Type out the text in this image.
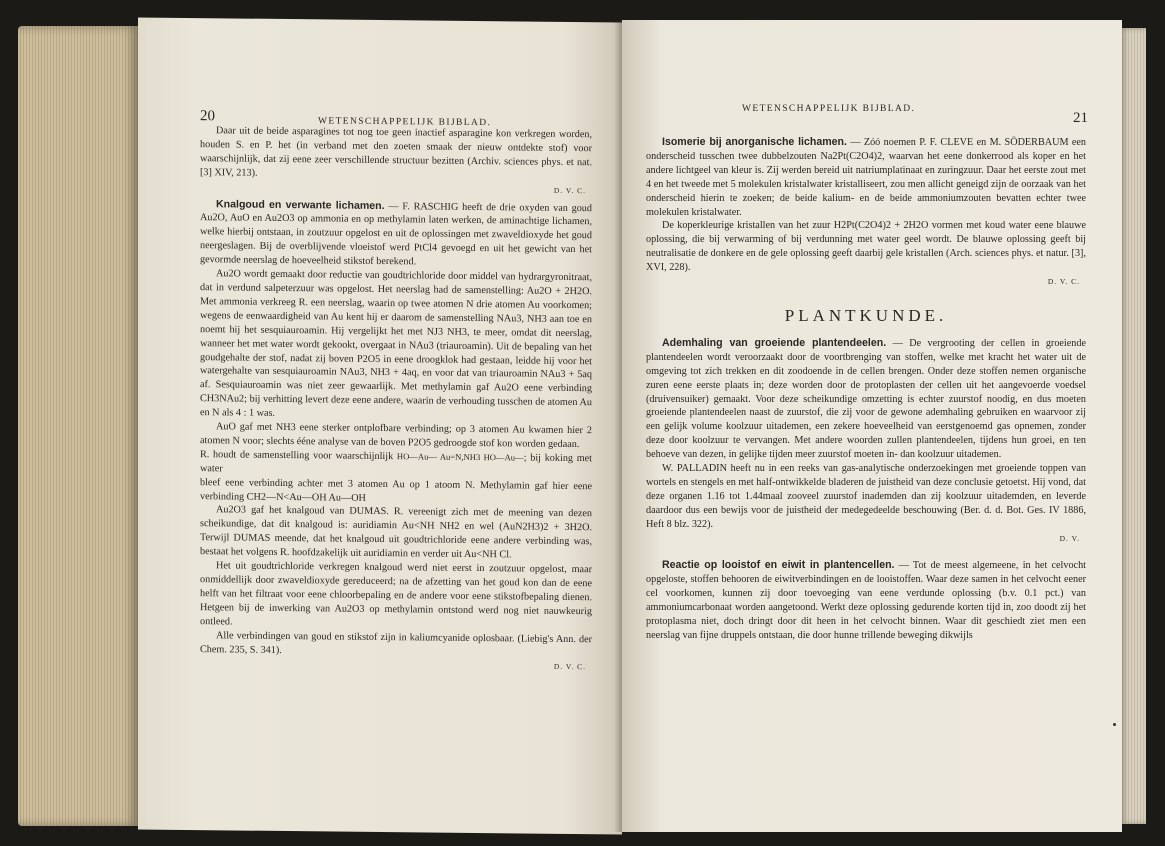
20	WETENSCHAPPELIJK BIJBLAD.

Daar uit de beide asparagines tot nog toe geen inactief asparagine kon verkregen worden, houden S. en P. het (in verband met den zoeten smaak der nieuw ontdekte stof) voor waarschijnlijk, dat zij eene zeer verschillende structuur bezitten (Archiv. sciences phys. et nat. [3] XIV, 213).

D. V. C.

Knalgoud en verwante lichamen. — F. RASCHIG heeft de drie oxyden van goud Au2O, AuO en Au2O3 op ammonia en op methylamin laten werken, de aminachtige lichamen, welke hierbij ontstaan, in zoutzuur opgelost en uit de oplossingen met zwaveldioxyde het goud neergeslagen. Bij de overblijvende vloeistof werd PtCl4 gevoegd en uit het gewicht van het gevormde neerslag de hoeveelheid stikstof berekend.

Au2O wordt gemaakt door reductie van goudtrichloride door middel van hydrargyronitraat, dat in verdund salpeterzuur was opgelost. Het neerslag had de samenstelling: Au2O + 2H2O. Met ammonia verkreeg R. een neerslag, waarin op twee atomen N drie atomen Au voorkomen; wegens de eenwaardigheid van Au kent hij er daarom de samenstelling NAu3, NH3 aan toe en noemt hij het sesquiauroamin. Hij vergelijkt het met NJ3 NH3, te meer, omdat dit neerslag, wanneer het met water wordt gekookt, overgaat in NAu3 (triauroamin). Uit de bepaling van het goudgehalte der stof, nadat zij boven P2O5 in eene droogklok had gestaan, leidde hij voor het watergehalte van sesquiauroamin NAu3, NH3 + 4aq, en voor dat van triauroamin NAu3 + 5aq af. Sesquiauroamin was niet zeer gewaarlijk. Met methylamin gaf Au2O eene verbinding CH3NAu2; bij verhitting levert deze eene andere, waarin de verhouding tusschen de atomen Au en N als 4 : 1 was.

AuO gaf met NH3 eene sterker ontplofbare verbinding; op 3 atomen Au kwamen hier 2 atomen N voor; slechts ééne analyse van de boven P2O5 gedroogde stof kon worden gedaan.

R. houdt de samenstelling voor waarschijnlijk HO—Au— Au=N,NH3 HO—Au—; bij koking met water

bleef eene verbinding achter met 3 atomen Au op 1 atoom N. Methylamin gaf hier eene verbinding CH2—N<Au—OH Au—OH

Au2O3 gaf het knalgoud van DUMAS. R. vereenigt zich met de meening van dezen scheikundige, dat dit knalgoud is: auridiamin Au<NH NH2 en wel (AuN2H3)2 + 3H2O. Terwijl DUMAS meende, dat het knalgoud uit goudtrichloride eene andere verbinding was, bestaat het volgens R. hoofdzakelijk uit auridiamin en verder uit Au<NH Cl.

Het uit goudtrichloride verkregen knalgoud werd niet eerst in zoutzuur opgelost, maar onmiddellijk door zwaveldioxyde gereduceerd; na de afzetting van het goud kon dan de eene helft van het filtraat voor eene chloorbepaling en de andere voor eene stikstofbepaling dienen. Hetgeen bij de inwerking van Au2O3 op methylamin ontstond werd nog niet nauwkeurig ontleed.

Alle verbindingen van goud en stikstof zijn in kaliumcyanide oplosbaar. (Liebig's Ann. der Chem. 235, S. 341).

D. V. C.
WETENSCHAPPELIJK BIJBLAD.
21

Isomerie bij anorganische lichamen. — Zóó noemen P. F. CLEVE en M. SÖDERBAUM een onderscheid tusschen twee dubbelzouten Na2Pt(C2O4)2, waarvan het eene donkerrood als koper en het andere lichtgeel van kleur is. Zij werden bereid uit natriumplatinaat en zuringzuur. Daar het eerste zout met 4 en het tweede met 5 molekulen kristalwater kristalliseert, zou men allicht geneigd zijn de oorzaak van het onderscheid hierin te zoeken; de beide kalium- en de beide ammoniumzouten bevatten echter twee molekulen kristalwater.

De koperkleurige kristallen van het zuur H2Pt(C2O4)2 + 2H2O vormen met koud water eene blauwe oplossing, die bij verwarming of bij verdunning met water geel wordt. De blauwe oplossing geeft bij neutralisatie de donkere en de gele oplossing geeft daarbij gele kristallen (Arch. sciences phys. et natur. [3], XVI, 228).

D. V. C.
PLANTKUNDE.

Ademhaling van groeiende plantendeelen. — De vergrooting der cellen in groeiende plantendeelen wordt veroorzaakt door de voortbrenging van stoffen, welke met kracht het water uit de omgeving tot zich trekken en dit zoodoende in de cellen brengen. Onder deze stoffen nemen organische zuren eene eerste plaats in; deze worden door de protoplasten der cellen uit het aangevoerde voedsel (druivensuiker) gemaakt. Voor deze scheikundige omzetting is echter zuurstof noodig, en dus moeten groeiende plantendeelen naast de zuurstof, die zij voor de gewone ademhaling gebruiken en waarvoor zij een gelijk volume koolzuur uitademen, een zekere hoeveelheid van eerstgenoemd gas opnemen, zonder deze door koolzuur te vervangen. Met andere woorden zullen plantendeelen, tijdens hun groei, en ten behoeve van dezen, in gelijke tijden meer zuurstof moeten in- dan koolzuur uitademen.

W. PALLADIN heeft nu in een reeks van gas-analytische onderzoekingen met groeiende toppen van wortels en stengels en met half-ontwikkelde bladeren de juistheid van deze conclusie getoetst. Hij vond, dat deze organen 1.16 tot 1.44maal zooveel zuurstof inademden dan zij koolzuur uitademden, en leverde daardoor dus een bewijs voor de juistheid der medegedeelde beschouwing (Ber. d. d. Bot. Ges. IV 1886, Heft 8 blz. 322).

D. V.

Reactie op looistof en eiwit in plantencellen. — Tot de meest algemeene, in het celvocht opgeloste, stoffen behooren de eiwitverbindingen en de looistoffen. Waar deze samen in het celvocht eener cel voorkomen, kunnen zij door toevoeging van eene verdunde oplossing (b.v. 0.1 pct.) van ammoniumcarbonaat worden aangetoond. Werkt deze oplossing gedurende korten tijd in, zoo doodt zij het protoplasma niet, doch dringt door dit heen in het celvocht binnen. Waar dit geschiedt ziet men een neerslag van fijne druppels ontstaan, die door hunne trillende beweging dikwijls
